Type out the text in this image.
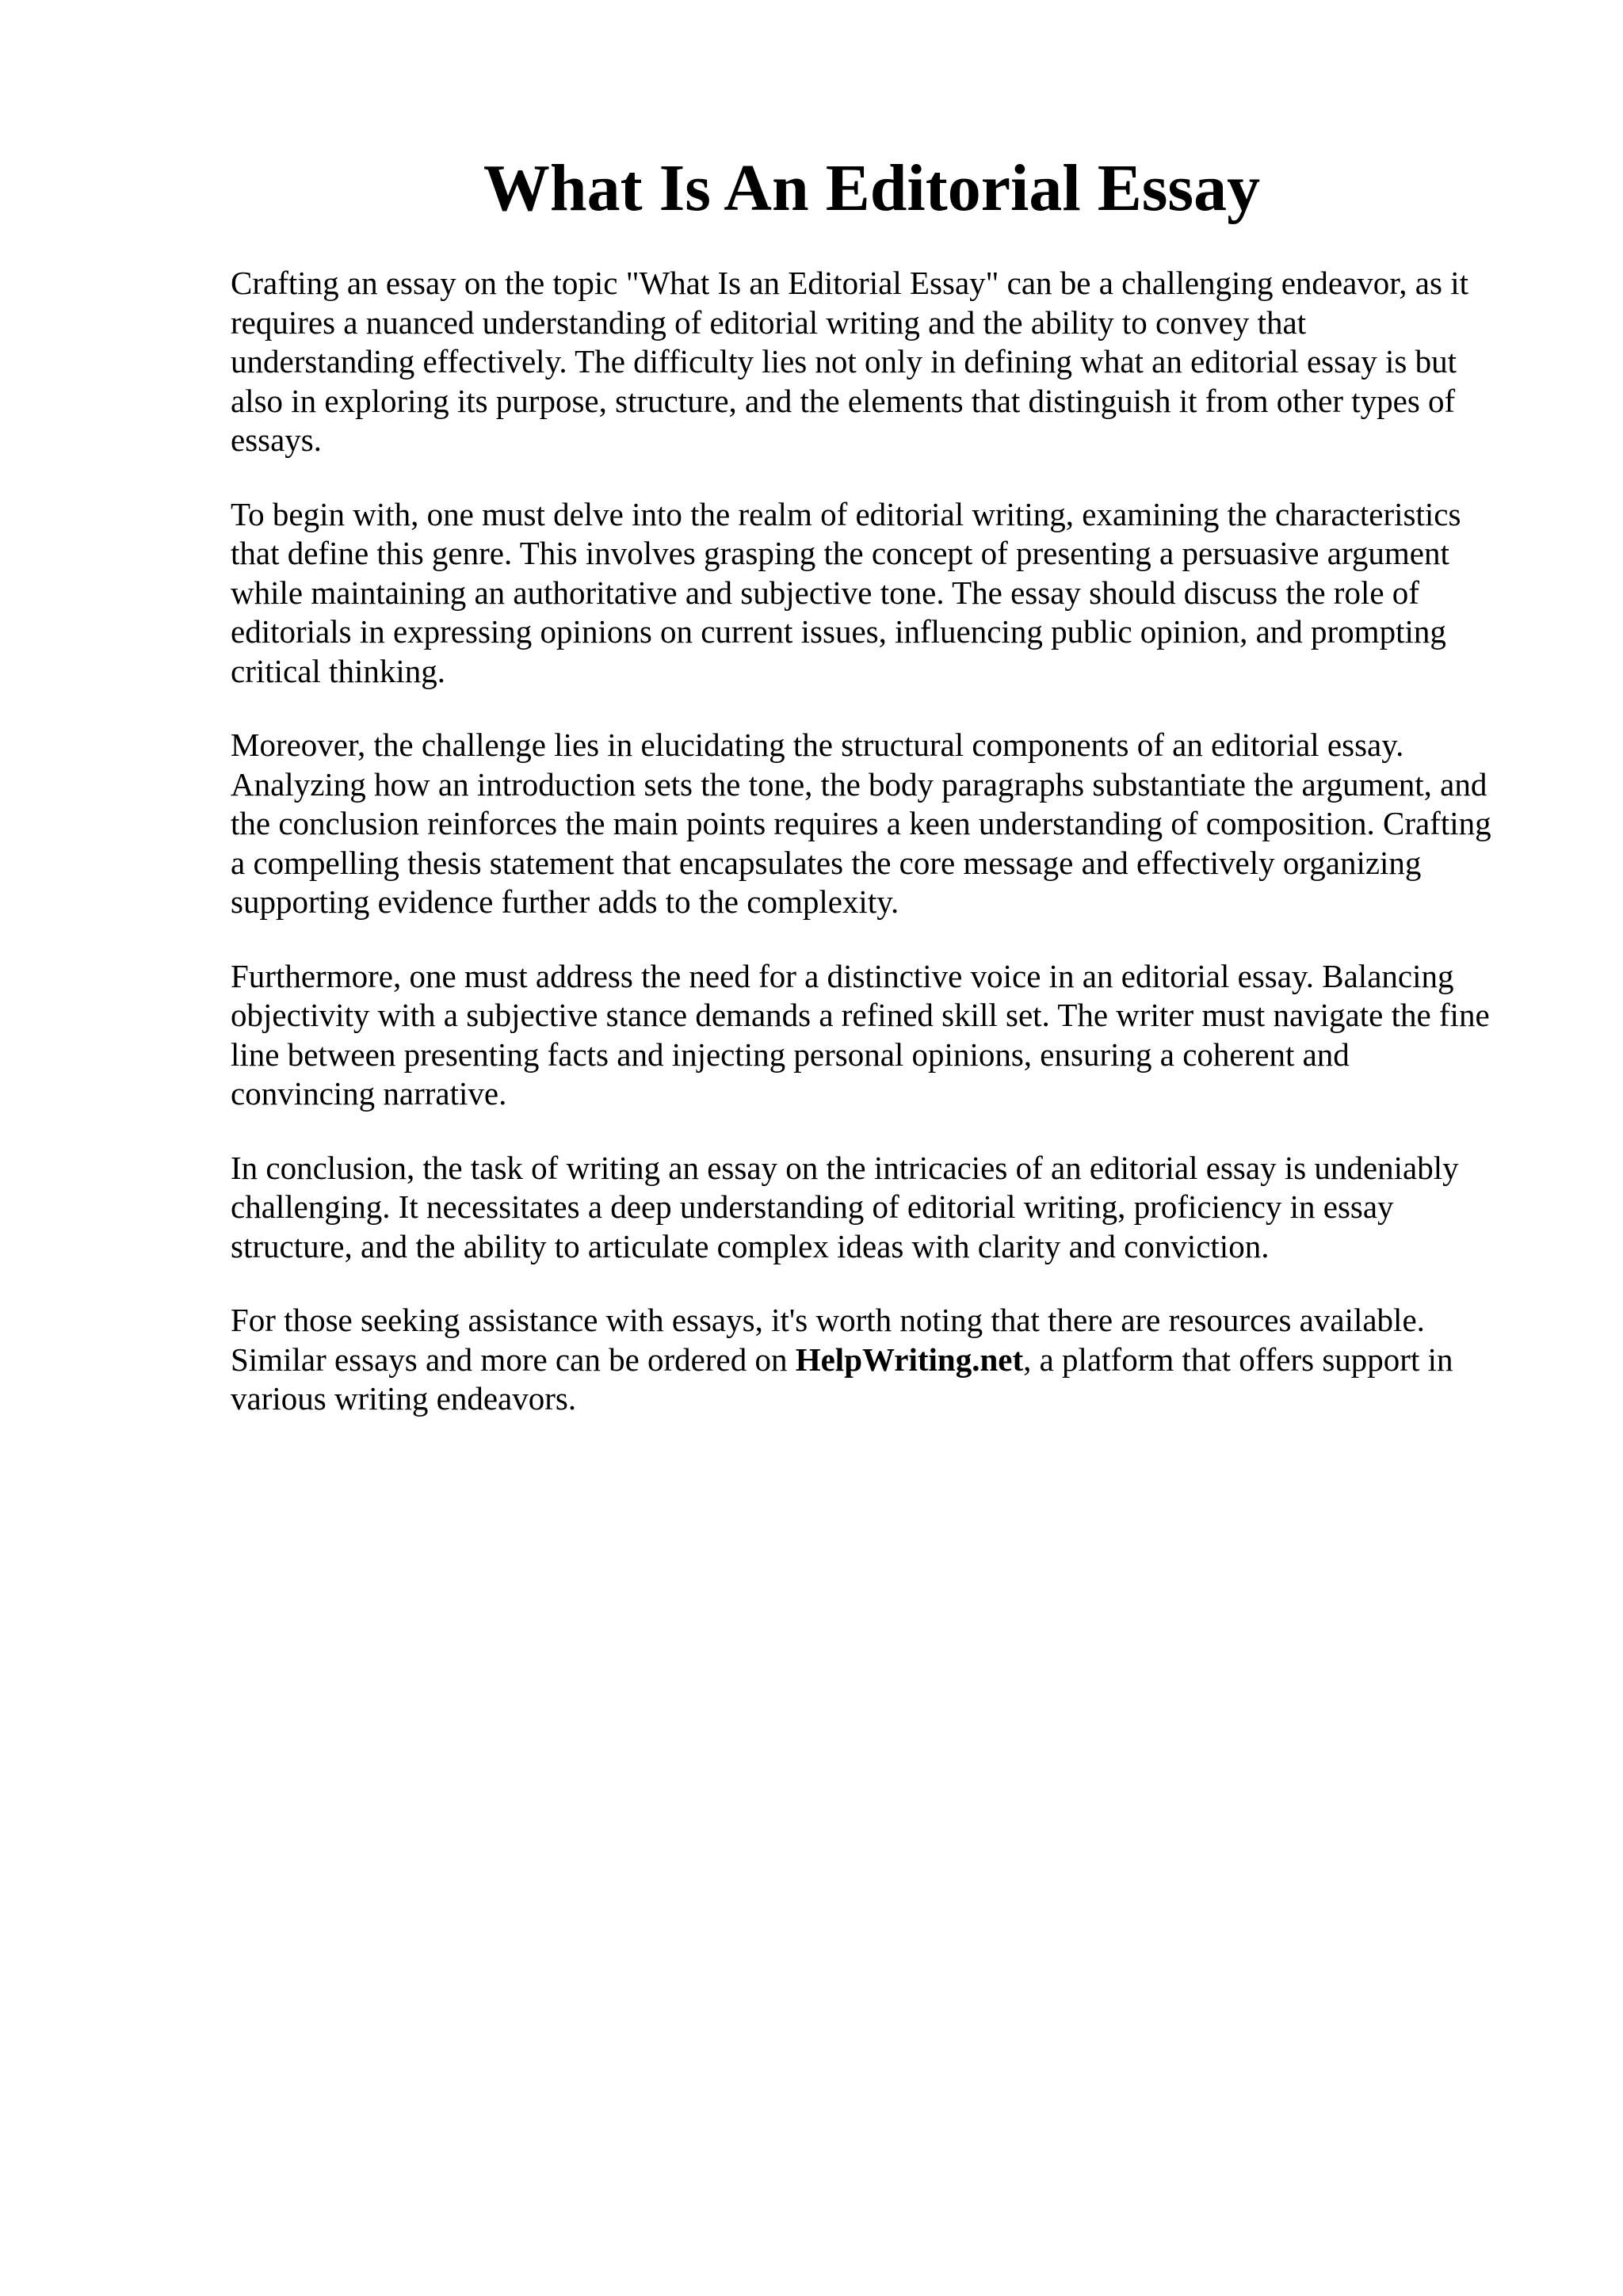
What Is An Editorial Essay

Crafting an essay on the topic "What Is an Editorial Essay" can be a challenging endeavor, as it
requires a nuanced understanding of editorial writing and the ability to convey that
understanding effectively. The difficulty lies not only in defining what an editorial essay is but
also in exploring its purpose, structure, and the elements that distinguish it from other types of
essays.

To begin with, one must delve into the realm of editorial writing, examining the characteristics
that define this genre. This involves grasping the concept of presenting a persuasive argument
while maintaining an authoritative and subjective tone. The essay should discuss the role of
editorials in expressing opinions on current issues, influencing public opinion, and prompting
critical thinking.

Moreover, the challenge lies in elucidating the structural components of an editorial essay.
Analyzing how an introduction sets the tone, the body paragraphs substantiate the argument, and
the conclusion reinforces the main points requires a keen understanding of composition. Crafting
a compelling thesis statement that encapsulates the core message and effectively organizing
supporting evidence further adds to the complexity.

Furthermore, one must address the need for a distinctive voice in an editorial essay. Balancing
objectivity with a subjective stance demands a refined skill set. The writer must navigate the fine
line between presenting facts and injecting personal opinions, ensuring a coherent and
convincing narrative.

In conclusion, the task of writing an essay on the intricacies of an editorial essay is undeniably
challenging. It necessitates a deep understanding of editorial writing, proficiency in essay
structure, and the ability to articulate complex ideas with clarity and conviction.

For those seeking assistance with essays, it's worth noting that there are resources available.
Similar essays and more can be ordered on HelpWriting.net, a platform that offers support in
various writing endeavors.
